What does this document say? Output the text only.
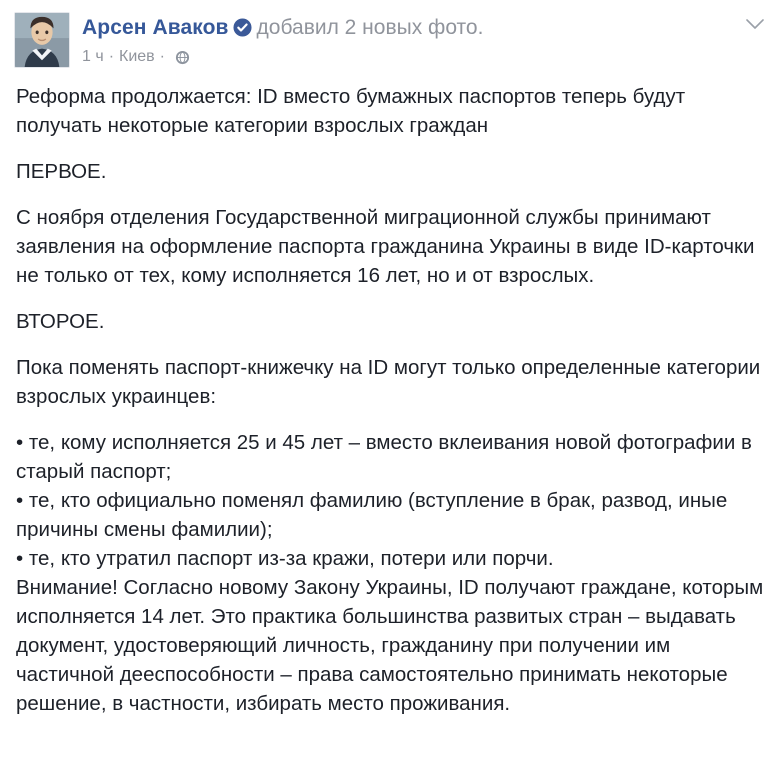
Арсен Аваков добавил 2 новых фото.
1 ч · Киев ·

Реформа продолжается: ID вместо бумажных паспортов теперь будут получать некоторые категории взрослых граждан

ПЕРВОЕ.

С ноября отделения Государственной миграционной службы принимают заявления на оформление паспорта гражданина Украины в виде ID-карточки не только от тех, кому исполняется 16 лет, но и от взрослых.

ВТОРОЕ.

Пока поменять паспорт-книжечку на ID могут только определенные категории взрослых украинцев:

• те, кому исполняется 25 и 45 лет – вместо вклеивания новой фотографии в старый паспорт;

• те, кто официально поменял фамилию (вступление в брак, развод, иные причины смены фамилии);

• те, кто утратил паспорт из-за кражи, потери или порчи.

Внимание! Согласно новому Закону Украины, ID получают граждане, которым исполняется 14 лет. Это практика большинства развитых стран – выдавать документ, удостоверяющий личность, гражданину при получении им частичной дееспособности – права самостоятельно принимать некоторые решение, в частности, избирать место проживания.
